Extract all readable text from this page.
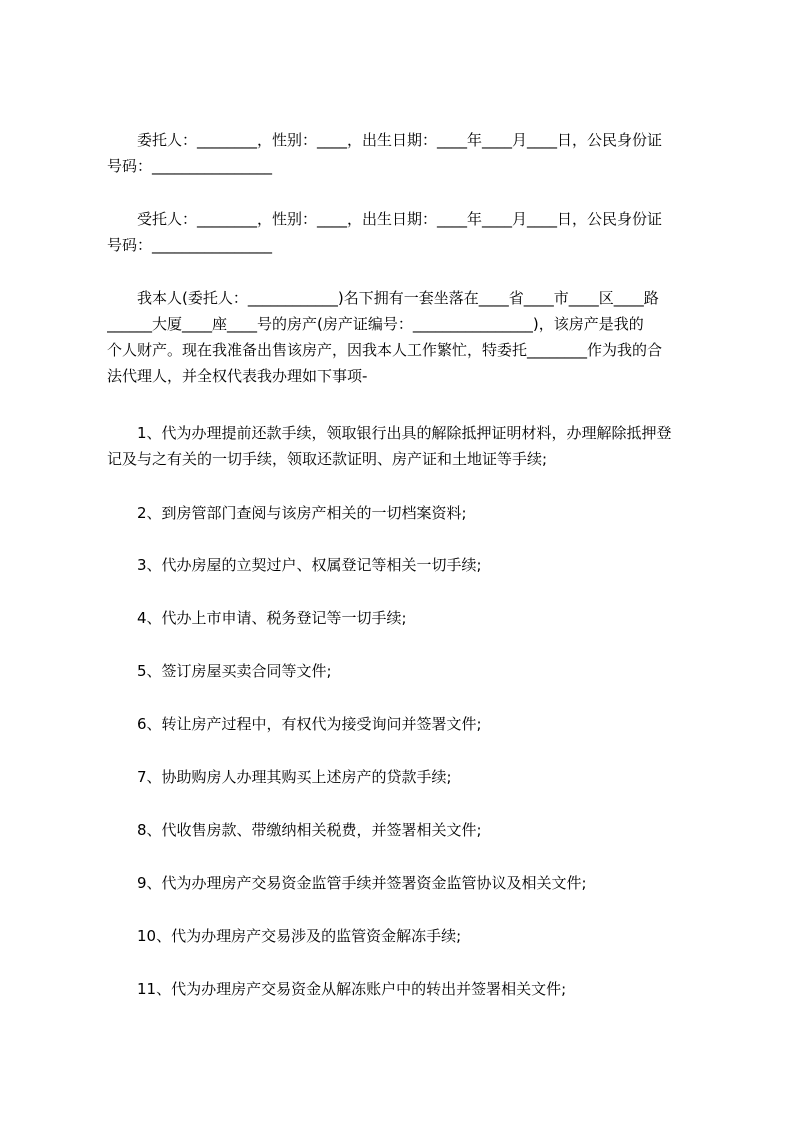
委托人：________，性别：____，出生日期：____年____月____日，公民身份证
号码：________________
受托人：________，性别：____，出生日期：____年____月____日，公民身份证
号码：________________
我本人(委托人：____________)名下拥有一套坐落在____省____市____区____路
______大厦____座____号的房产(房产证编号：________________)，该房产是我的
个人财产。现在我准备出售该房产，因我本人工作繁忙，特委托________作为我的合
法代理人，并全权代表我办理如下事项-
1、代为办理提前还款手续，领取银行出具的解除抵押证明材料，办理解除抵押登
记及与之有关的一切手续，领取还款证明、房产证和土地证等手续;
2、到房管部门查阅与该房产相关的一切档案资料;
3、代办房屋的立契过户、权属登记等相关一切手续;
4、代办上市申请、税务登记等一切手续;
5、签订房屋买卖合同等文件;
6、转让房产过程中，有权代为接受询问并签署文件;
7、协助购房人办理其购买上述房产的贷款手续;
8、代收售房款、带缴纳相关税费，并签署相关文件;
9、代为办理房产交易资金监管手续并签署资金监管协议及相关文件;
10、代为办理房产交易涉及的监管资金解冻手续;
11、代为办理房产交易资金从解冻账户中的转出并签署相关文件;
